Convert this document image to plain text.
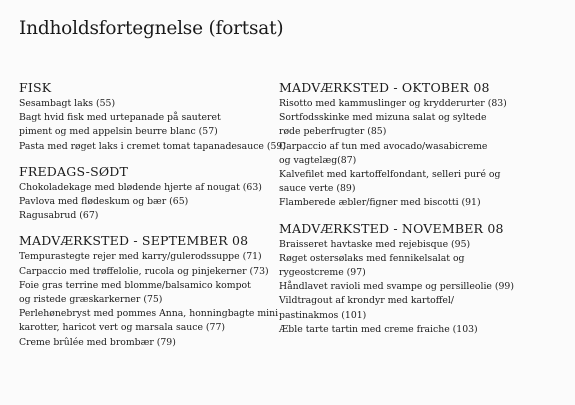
Indholdsfortegnelse (fortsat)
FISK
Sesambagt laks (55)
Bagt hvid fisk med urtepanade på sauteret
piment og med appelsin beurre blanc (57)
Pasta med røget laks i cremet tomat tapanadesauce (59)
FREDAGS-SØDT
Chokoladekage med blødende hjerte af nougat (63)
Pavlova med flødeskum og bær (65)
Ragusabrud (67)
MADVÆRKSTED - SEPTEMBER 08
Tempurastegte rejer med karry/gulerodssuppe (71)
Carpaccio med trøffelolie, rucola og pinjekerner (73)
Foie gras terrine med blomme/balsamico kompot
og ristede græskarkerner (75)
Perlehønebryst med pommes Anna, honningbagte mini
karotter, haricot vert og marsala sauce (77)
Creme brûlée med brombær (79)
MADVÆRKSTED - OKTOBER 08
Risotto med kammuslinger og krydderurter (83)
Sortfodsskinke med mizuna salat og syltede
røde peberfrugter (85)
Carpaccio af tun med avocado/wasabicreme
og vagtelæg(87)
Kalvefilet med kartoffelfondant, selleri puré og
sauce verte (89)
Flamberede æbler/figner med biscotti (91)
MADVÆRKSTED - NOVEMBER 08
Braisseret havtaske med rejebisque (95)
Røget ostersølaks med fennikelsalat og
rygeostcreme (97)
Håndlavet ravioli med svampe og persilleolie (99)
Vildtragout af krondyr med kartoffel/
pastinakmos (101)
Æble tarte tartin med creme fraiche (103)
